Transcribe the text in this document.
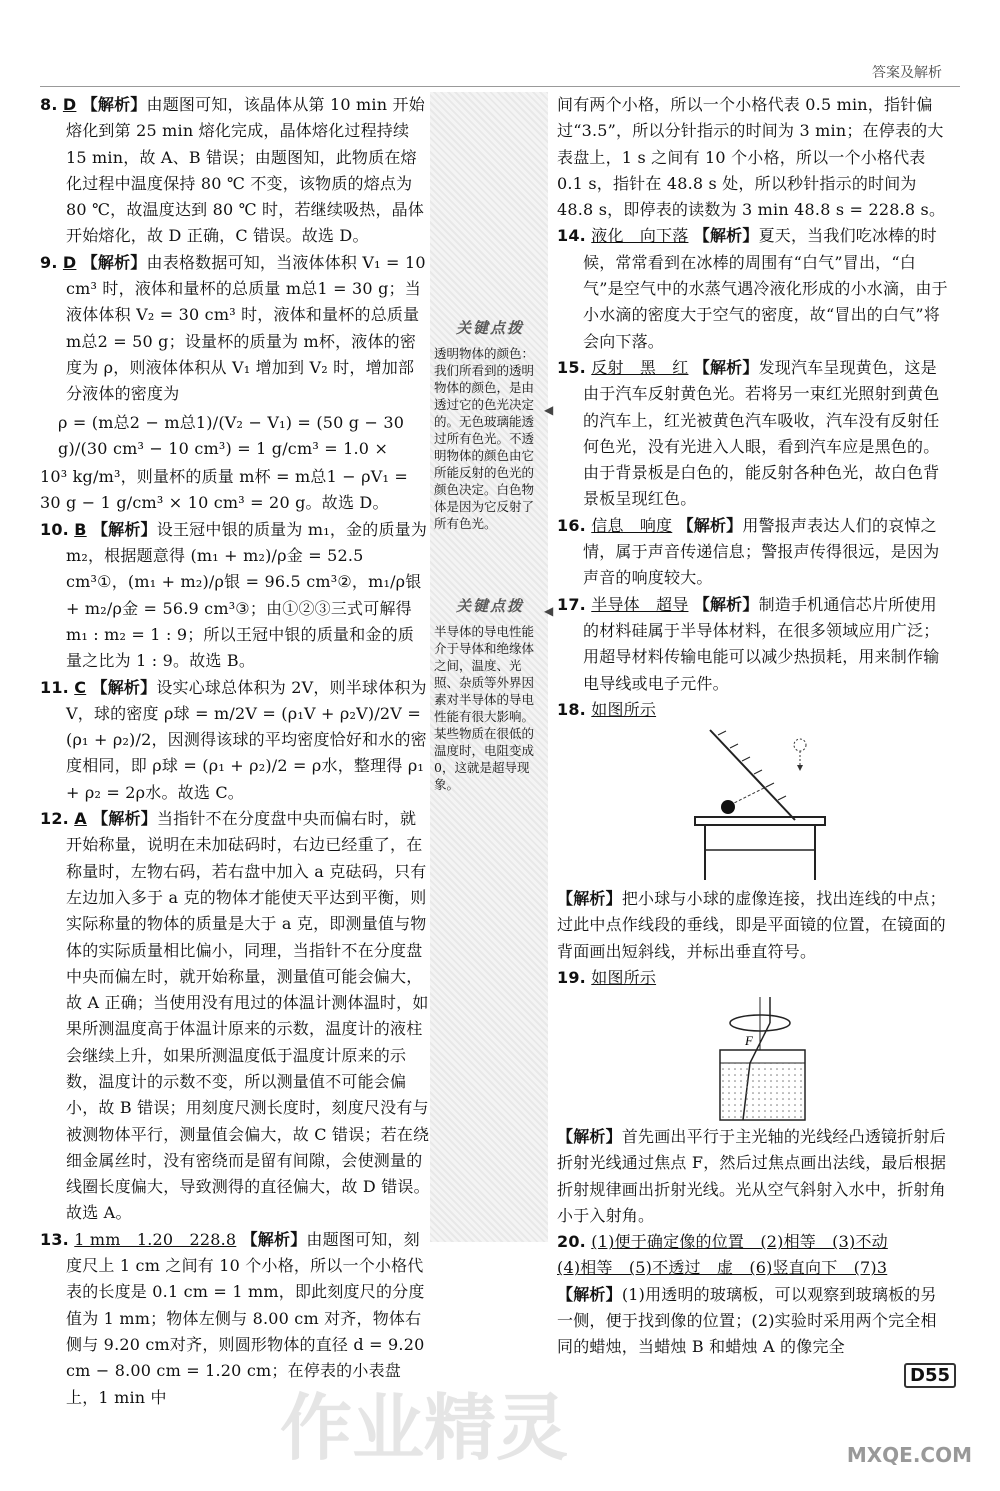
答案及解析

8. D 【解析】由题图可知，该晶体从第 10 min 开始熔化到第 25 min 熔化完成，晶体熔化过程持续 15 min，故 A、B 错误；由题图知，此物质在熔化过程中温度保持 80 ℃ 不变，该物质的熔点为 80 ℃，故温度达到 80 ℃ 时，若继续吸热，晶体开始熔化，故 D 正确，C 错误。故选 D。

9. D 【解析】由表格数据可知，当液体体积 V₁ = 10 cm³ 时，液体和量杯的总质量 m总1 = 30 g；当液体体积 V₂ = 30 cm³ 时，液体和量杯的总质量 m总2 = 50 g；设量杯的质量为 m杯，液体的密度为 ρ，则液体体积从 V₁ 增加到 V₂ 时，增加部分液体的密度为

ρ = (m总2 − m总1)/(V₂ − V₁) = (50 g − 30 g)/(30 cm³ − 10 cm³) = 1 g/cm³ = 1.0 ×
10³ kg/m³，则量杯的质量 m杯 = m总1 − ρV₁ = 30 g − 1 g/cm³ × 10 cm³ = 20 g。故选 D。

10. B 【解析】设王冠中银的质量为 m₁，金的质量为 m₂，根据题意得 (m₁ + m₂)/ρ金 = 52.5 cm³①，(m₁ + m₂)/ρ银 = 96.5 cm³②，m₁/ρ银 + m₂/ρ金 = 56.9 cm³③；由①②③三式可解得 m₁ : m₂ = 1 : 9；所以王冠中银的质量和金的质量之比为 1 : 9。故选 B。

11. C 【解析】设实心球总体积为 2V，则半球体积为 V，球的密度 ρ球 = m/2V = (ρ₁V + ρ₂V)/2V = (ρ₁ + ρ₂)/2，因测得该球的平均密度恰好和水的密度相同，即 ρ球 = (ρ₁ + ρ₂)/2 = ρ水，整理得 ρ₁ + ρ₂ = 2ρ水。故选 C。

12. A 【解析】当指针不在分度盘中央而偏右时，就开始称量，说明在未加砝码时，右边已经重了，在称量时，左物右码，若右盘中加入 a 克砝码，只有左边加入多于 a 克的物体才能使天平达到平衡，则实际称量的物体的质量是大于 a 克，即测量值与物体的实际质量相比偏小，同理，当指针不在分度盘中央而偏左时，就开始称量，测量值可能会偏大，故 A 正确；当使用没有甩过的体温计测体温时，如果所测温度高于体温计原来的示数，温度计的液柱会继续上升，如果所测温度低于温度计原来的示数，温度计的示数不变，所以测量值不可能会偏小，故 B 错误；用刻度尺测长度时，刻度尺没有与被测物体平行，测量值会偏大，故 C 错误；若在绕细金属丝时，没有密绕而是留有间隙，会使测量的线圈长度偏大，导致测得的直径偏大，故 D 错误。故选 A。

13. 1 mm　1.20　228.8 【解析】由题图可知，刻度尺上 1 cm 之间有 10 个小格，所以一个小格代表的长度是 0.1 cm = 1 mm，即此刻度尺的分度值为 1 mm；物体左侧与 8.00 cm 对齐，物体右侧与 9.20 cm对齐，则圆形物体的直径 d = 9.20 cm − 8.00 cm = 1.20 cm；在停表的小表盘上，1 min 中

关键点拨
透明物体的颜色：我们所看到的透明物体的颜色，是由透过它的色光决定的。无色玻璃能透过所有色光。不透明物体的颜色由它所能反射的色光的颜色决定。白色物体是因为它反射了所有色光。
◀
关键点拨
半导体的导电性能介于导体和绝缘体之间，温度、光照、杂质等外界因素对半导体的导电性能有很大影响。某些物质在很低的温度时，电阻变成 0，这就是超导现象。
◀
间有两个小格，所以一个小格代表 0.5 min，指针偏过“3.5”，所以分针指示的时间为 3 min；在停表的大表盘上，1 s 之间有 10 个小格，所以一个小格代表 0.1 s，指针在 48.8 s 处，所以秒针指示的时间为 48.8 s，即停表的读数为 3 min 48.8 s = 228.8 s。

14. 液化　向下落 【解析】夏天，当我们吃冰棒的时候，常常看到在冰棒的周围有“白气”冒出，“白气”是空气中的水蒸气遇冷液化形成的小水滴，由于小水滴的密度大于空气的密度，故“冒出的白气”将会向下落。

15. 反射　黑　红 【解析】发现汽车呈现黄色，这是由于汽车反射黄色光。若将另一束红光照射到黄色的汽车上，红光被黄色汽车吸收，汽车没有反射任何色光，没有光进入人眼，看到汽车应是黑色的。由于背景板是白色的，能反射各种色光，故白色背景板呈现红色。

16. 信息　响度 【解析】用警报声表达人们的哀悼之情，属于声音传递信息；警报声传得很远，是因为声音的响度较大。

17. 半导体　超导 【解析】制造手机通信芯片所使用的材料硅属于半导体材料，在很多领域应用广泛；用超导材料传输电能可以减少热损耗，用来制作输电导线或电子元件。

18. 如图所示

【解析】把小球与小球的虚像连接，找出连线的中点；过此中点作线段的垂线，即是平面镜的位置，在镜面的背面画出短斜线，并标出垂直符号。

19. 如图所示

F

【解析】首先画出平行于主光轴的光线经凸透镜折射后折射光线通过焦点 F，然后过焦点画出法线，最后根据折射规律画出折射光线。光从空气斜射入水中，折射角小于入射角。

20. (1)便于确定像的位置　(2)相等　(3)不动

(4)相等　(5)不透过　虚　(6)竖直向下　(7)3
【解析】(1)用透明的玻璃板，可以观察到玻璃板的另一侧，便于找到像的位置；(2)实验时采用两个完全相同的蜡烛，当蜡烛 B 和蜡烛 A 的像完全
D55
作业精灵	MXQE.COM
